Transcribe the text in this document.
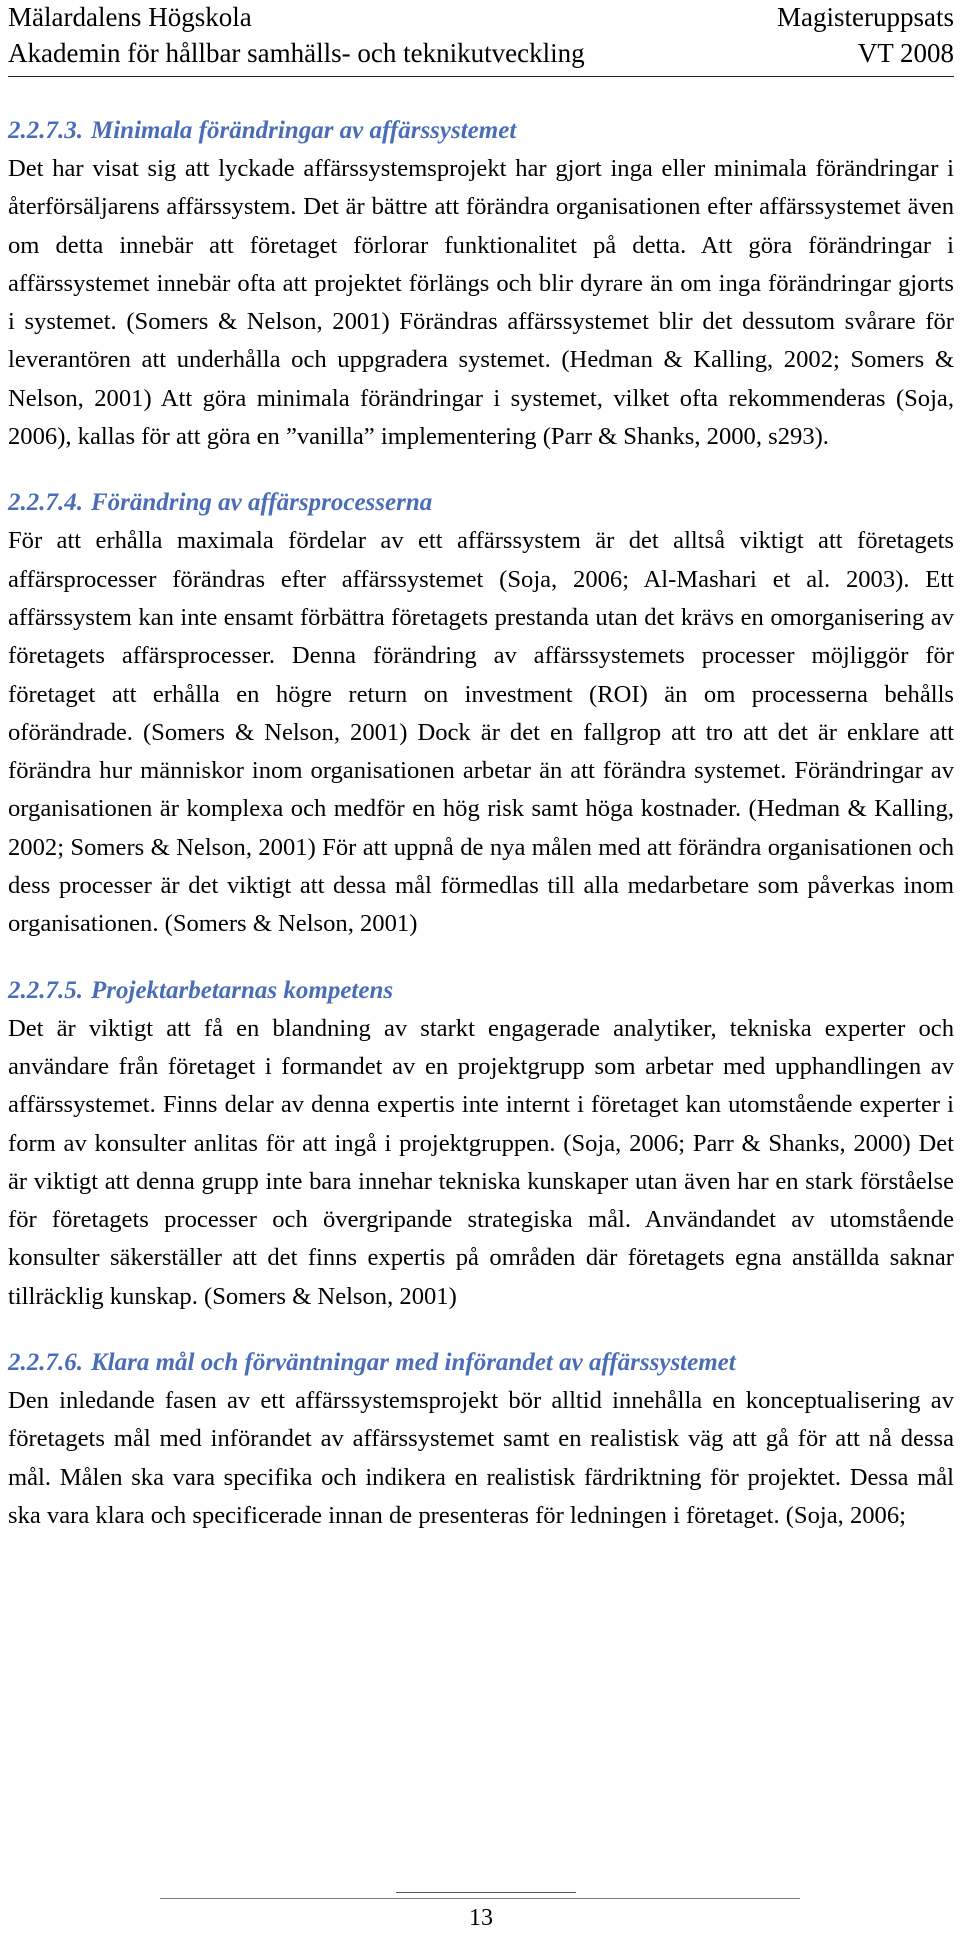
Mälardalens Högskola	Magisteruppsats
Akademin för hållbar samhälls- och teknikutveckling	VT 2008
2.2.7.3. Minimala förändringar av affärssystemet

Det har visat sig att lyckade affärssystemsprojekt har gjort inga eller minimala förändringar i återförsäljarens affärssystem. Det är bättre att förändra organisationen efter affärssystemet även om detta innebär att företaget förlorar funktionalitet på detta. Att göra förändringar i affärssystemet innebär ofta att projektet förlängs och blir dyrare än om inga förändringar gjorts i systemet. (Somers & Nelson, 2001) Förändras affärssystemet blir det dessutom svårare för leverantören att underhålla och uppgradera systemet. (Hedman & Kalling, 2002; Somers & Nelson, 2001) Att göra minimala förändringar i systemet, vilket ofta rekommenderas (Soja, 2006), kallas för att göra en ”vanilla” implementering (Parr & Shanks, 2000, s293).

2.2.7.4. Förändring av affärsprocesserna

För att erhålla maximala fördelar av ett affärssystem är det alltså viktigt att företagets affärsprocesser förändras efter affärssystemet (Soja, 2006; Al-Mashari et al. 2003). Ett affärssystem kan inte ensamt förbättra företagets prestanda utan det krävs en omorganisering av företagets affärsprocesser. Denna förändring av affärssystemets processer möjliggör för företaget att erhålla en högre return on investment (ROI) än om processerna behålls oförändrade. (Somers & Nelson, 2001) Dock är det en fallgrop att tro att det är enklare att förändra hur människor inom organisationen arbetar än att förändra systemet. Förändringar av organisationen är komplexa och medför en hög risk samt höga kostnader. (Hedman & Kalling, 2002; Somers & Nelson, 2001) För att uppnå de nya målen med att förändra organisationen och dess processer är det viktigt att dessa mål förmedlas till alla medarbetare som påverkas inom organisationen. (Somers & Nelson, 2001)

2.2.7.5. Projektarbetarnas kompetens

Det är viktigt att få en blandning av starkt engagerade analytiker, tekniska experter och användare från företaget i formandet av en projektgrupp som arbetar med upphandlingen av affärssystemet. Finns delar av denna expertis inte internt i företaget kan utomstående experter i form av konsulter anlitas för att ingå i projektgruppen. (Soja, 2006; Parr & Shanks, 2000) Det är viktigt att denna grupp inte bara innehar tekniska kunskaper utan även har en stark förståelse för företagets processer och övergripande strategiska mål. Användandet av utomstående konsulter säkerställer att det finns expertis på områden där företagets egna anställda saknar tillräcklig kunskap. (Somers & Nelson, 2001)

2.2.7.6. Klara mål och förväntningar med införandet av affärssystemet

Den inledande fasen av ett affärssystemsprojekt bör alltid innehålla en konceptualisering av företagets mål med införandet av affärssystemet samt en realistisk väg att gå för att nå dessa mål. Målen ska vara specifika och indikera en realistisk färdriktning för projektet. Dessa mål ska vara klara och specificerade innan de presenteras för ledningen i företaget. (Soja, 2006;

13
